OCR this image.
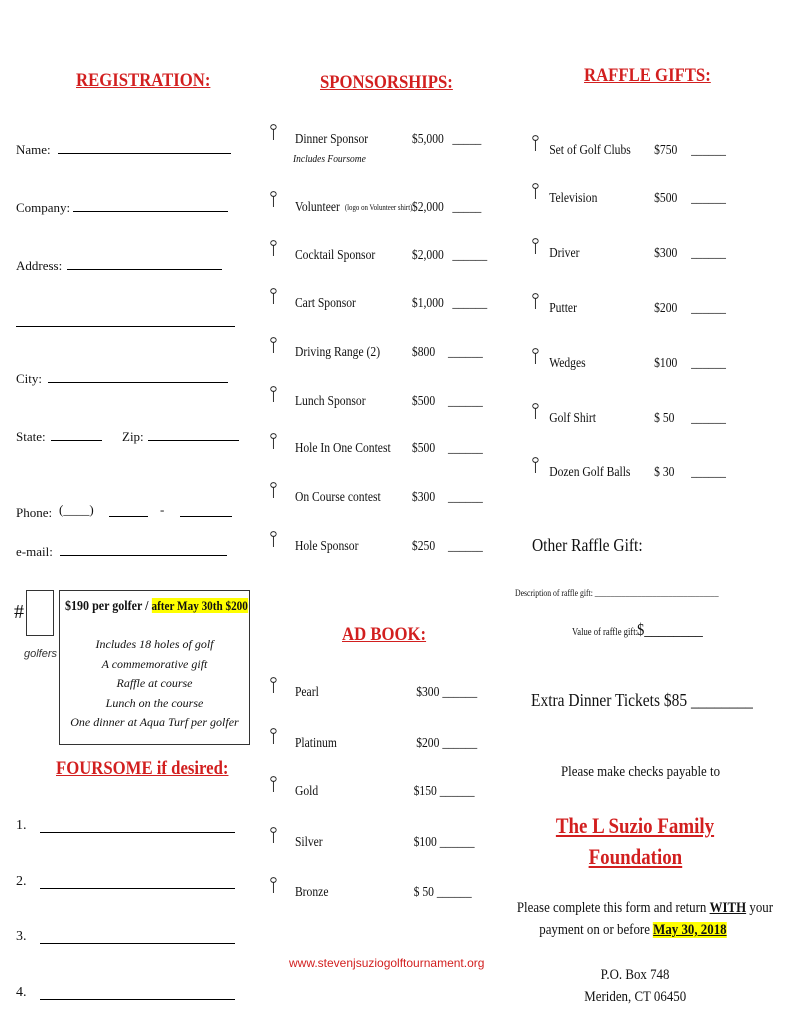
REGISTRATION:
Name:
Company:
Address:
City:
State:	Zip:
Phone: (____)	-
e-mail:
#
golfers
$190 per golfer / after May 30th $200
Includes 18 holes of golf
A commemorative gift
Raffle at course
Lunch on the course
One dinner at Aqua Turf per golfer
FOURSOME if desired:
1.
2.
3.
4.
SPONSORSHIPS:
Dinner Sponsor	$5,000 _____
Includes Foursome
Volunteer (logo on Volunteer shirt) $2,000 _____
Cocktail Sponsor	$2,000 ______
Cart Sponsor	$1,000 ______
Driving Range (2) $800 ______
Lunch Sponsor	$500 ______
Hole In One Contest $500 ______
On Course contest $300 ______
Hole Sponsor	$250 ______
AD BOOK:
Pearl	$300 ______
Platinum	$200 ______
Gold	$150 ______
Silver	$100 ______
Bronze	$ 50 ______
www.stevenjsuziogolftournament.org
RAFFLE GIFTS:
Set of Golf Clubs $750 ______
Television	$500 ______
Driver	$300 ______
Putter	$200 ______
Wedges	$100 ______
Golf Shirt	$ 50 ______
Dozen Golf Balls $ 30 ______
Other Raffle Gift:
Description of raffle gift: ________________________________
Value of raffle gift: $________
Extra Dinner Tickets $85 ________
Please make checks payable to
The L Suzio Family
Foundation
Please complete this form and return WITH your
payment on or before May 30, 2018
P.O. Box 748
Meriden, CT 06450
